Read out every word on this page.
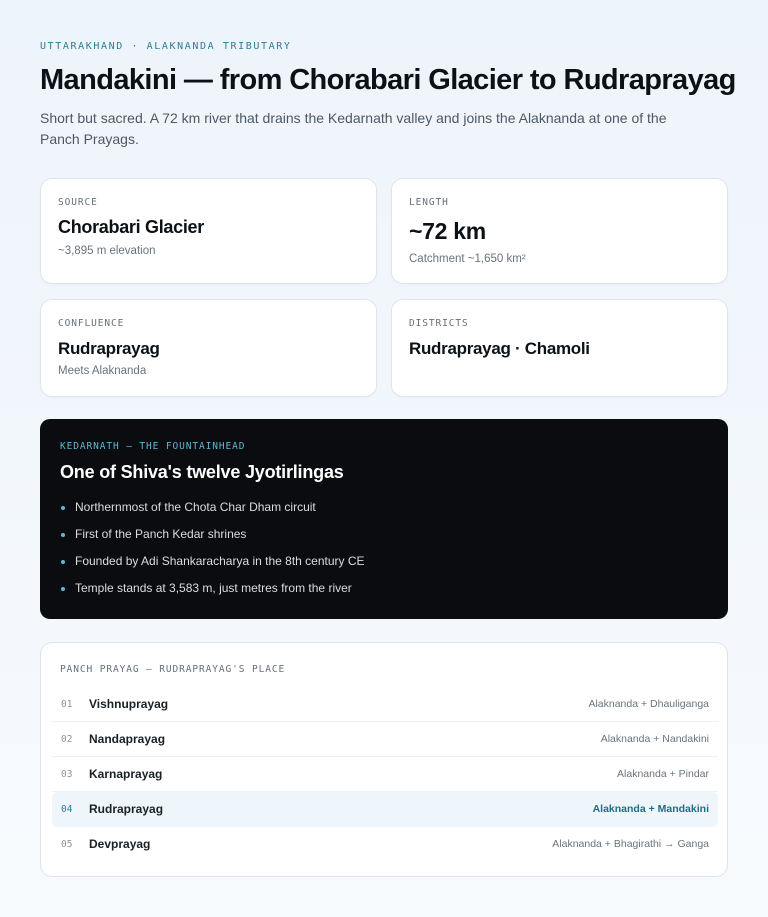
UTTARAKHAND · ALAKNANDA TRIBUTARY
Mandakini — from Chorabari Glacier to Rudraprayag

Short but sacred. A 72 km river that drains the Kedarnath valley and joins the Alaknanda at one of the Panch Prayags.

SOURCE
Chorabari Glacier
~3,895 m elevation
LENGTH
~72 km
Catchment ~1,650 km²
CONFLUENCE
Rudraprayag
Meets Alaknanda
DISTRICTS
Rudraprayag · Chamoli
KEDARNATH — THE FOUNTAINHEAD
One of Shiva's twelve Jyotirlingas
Northernmost of the Chota Char Dham circuit
First of the Panch Kedar shrines
Founded by Adi Shankaracharya in the 8th century CE
Temple stands at 3,583 m, just metres from the river
PANCH PRAYAG — RUDRAPRAYAG'S PLACE
01 Vishnuprayag	Alaknanda + Dhauliganga
02 Nandaprayag	Alaknanda + Nandakini
03 Karnaprayag	Alaknanda + Pindar
04 Rudraprayag	Alaknanda + Mandakini
05 Devprayag	Alaknanda + Bhagirathi → Ganga
